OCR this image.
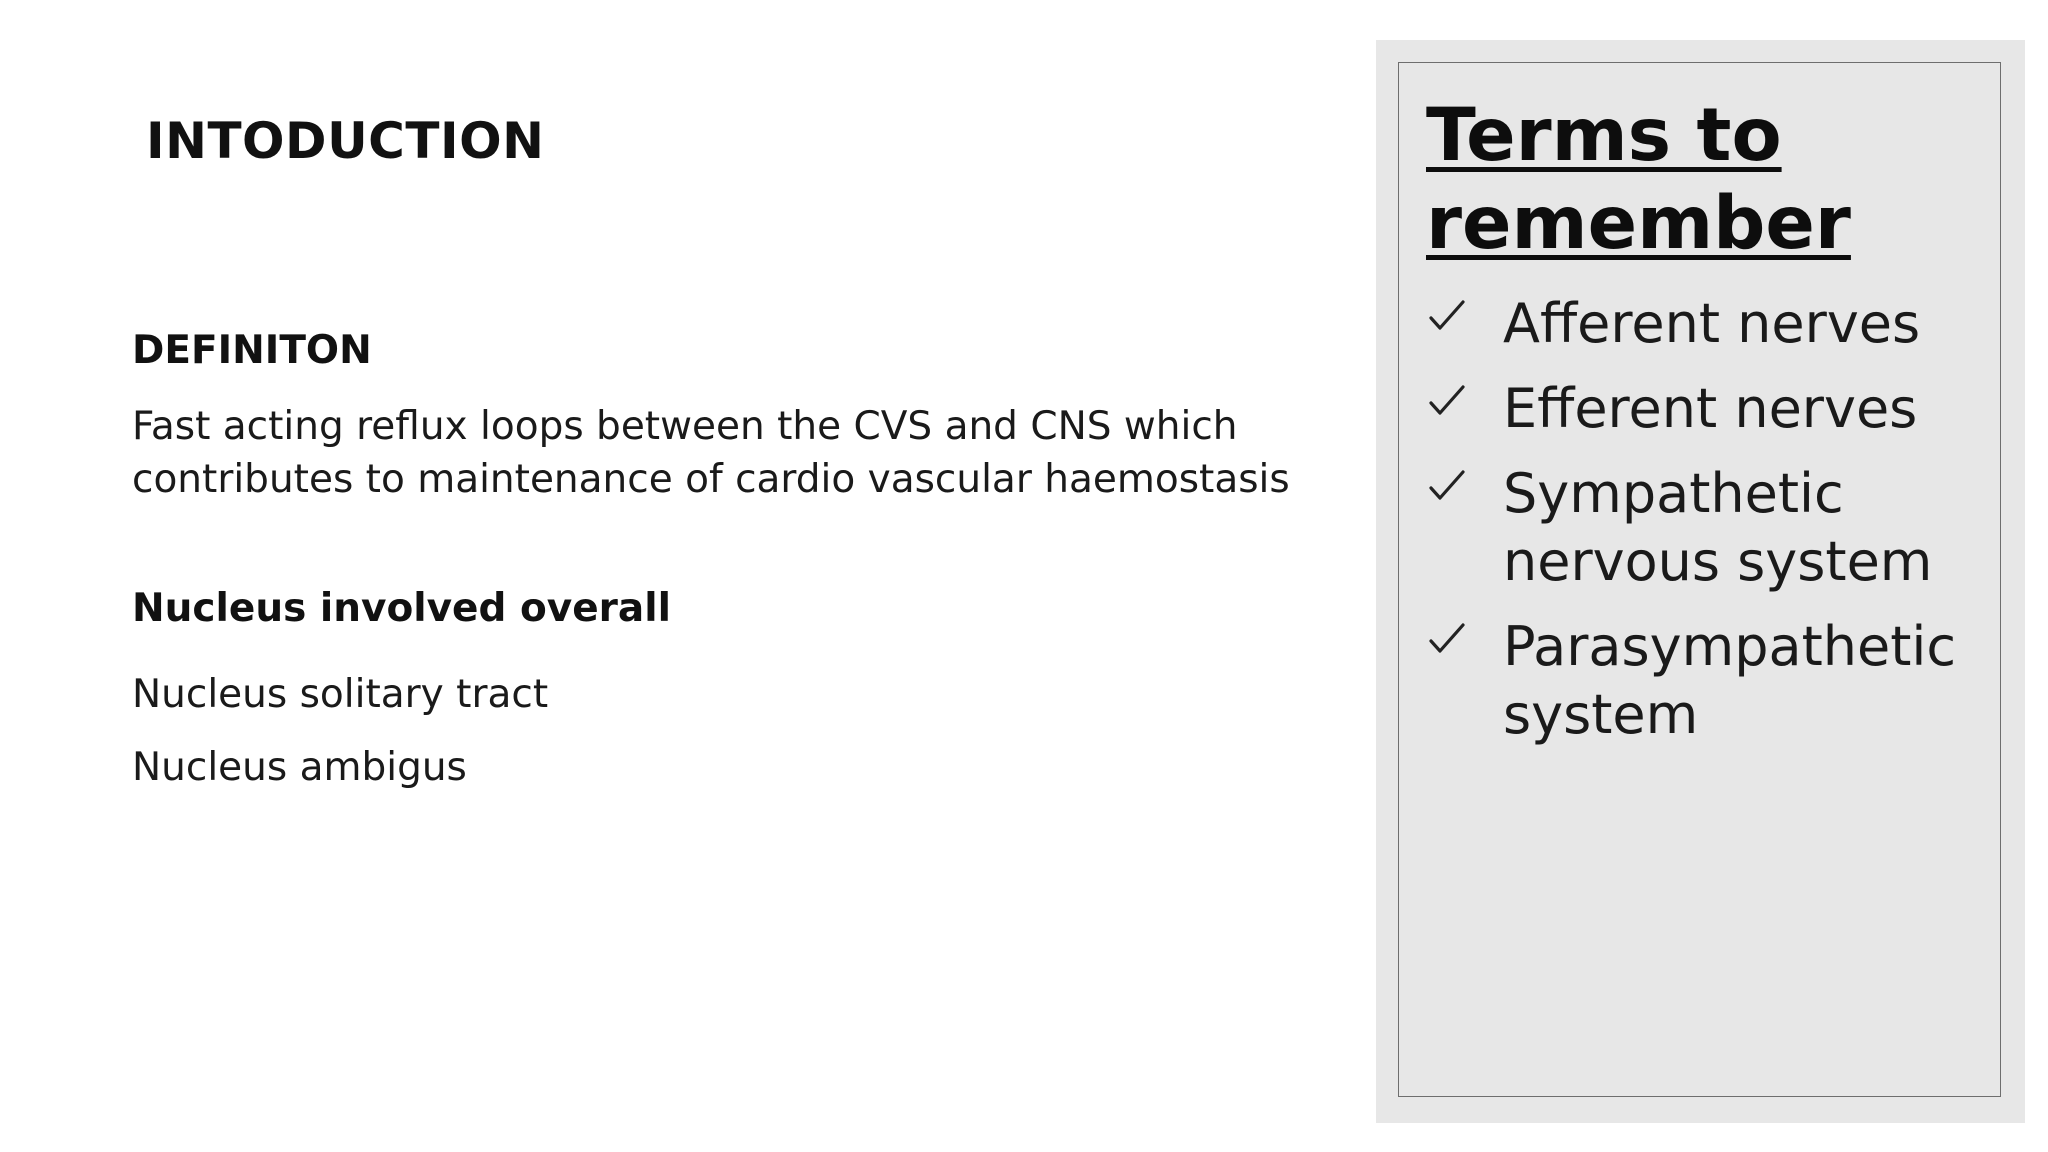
INTODUCTION
DEFINITON

Fast acting reflux loops between the CVS and CNS which contributes to maintenance of cardio vascular haemostasis

Nucleus involved overall

Nucleus solitary tract

Nucleus ambigus

Terms to remember
Afferent nerves
Efferent nerves
Sympathetic nervous system
Parasympathetic system
